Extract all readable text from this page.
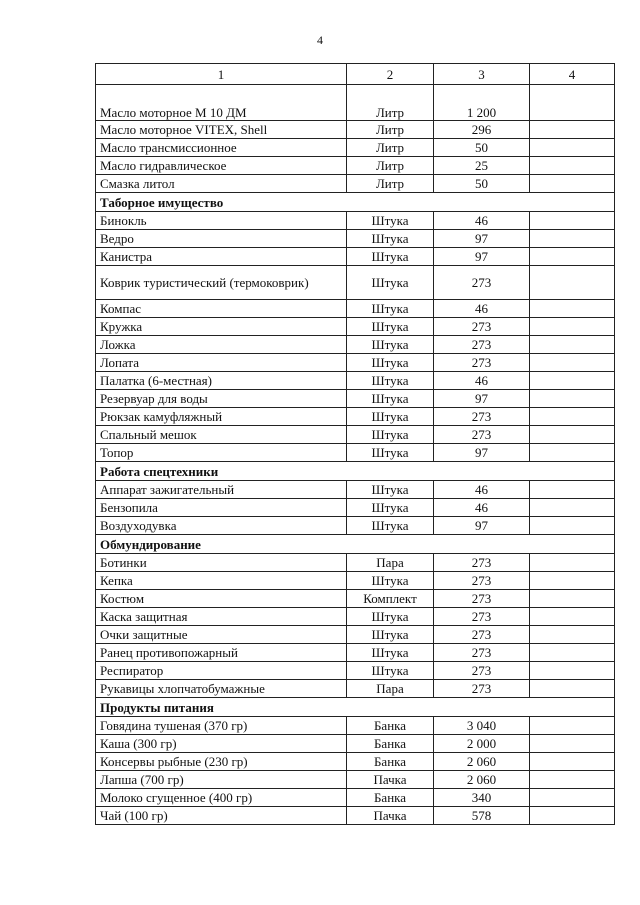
4
1	2	3	4
Масло моторное М 10 ДМ	Литр	1 200	
Масло моторное VITEX, Shell	Литр	296	
Масло трансмиссионное	Литр	50	
Масло гидравлическое	Литр	25	
Смазка литол	Литр	50	
Таборное имущество			
Бинокль	Штука	46	
Ведро	Штука	97	
Канистра	Штука	97	
Коврик туристический (термоковрик)	Штука	273	
Компас	Штука	46	
Кружка	Штука	273	
Ложка	Штука	273	
Лопата	Штука	273	
Палатка (6-местная)	Штука	46	
Резервуар для воды	Штука	97	
Рюкзак камуфляжный	Штука	273	
Спальный мешок	Штука	273	
Топор	Штука	97	
Работа спецтехники			
Аппарат зажигательный	Штука	46	
Бензопила	Штука	46	
Воздуходувка	Штука	97	
Обмундирование			
Ботинки	Пара	273	
Кепка	Штука	273	
Костюм	Комплект	273	
Каска защитная	Штука	273	
Очки защитные	Штука	273	
Ранец противопожарный	Штука	273	
Респиратор	Штука	273	
Рукавицы хлопчатобумажные	Пара	273	
Продукты питания			
Говядина тушеная (370 гр)	Банка	3 040	
Каша (300 гр)	Банка	2 000	
Консервы рыбные (230 гр)	Банка	2 060	
Лапша (700 гр)	Пачка	2 060	
Молоко сгущенное (400 гр)	Банка	340	
Чай (100 гр)	Пачка	578	
